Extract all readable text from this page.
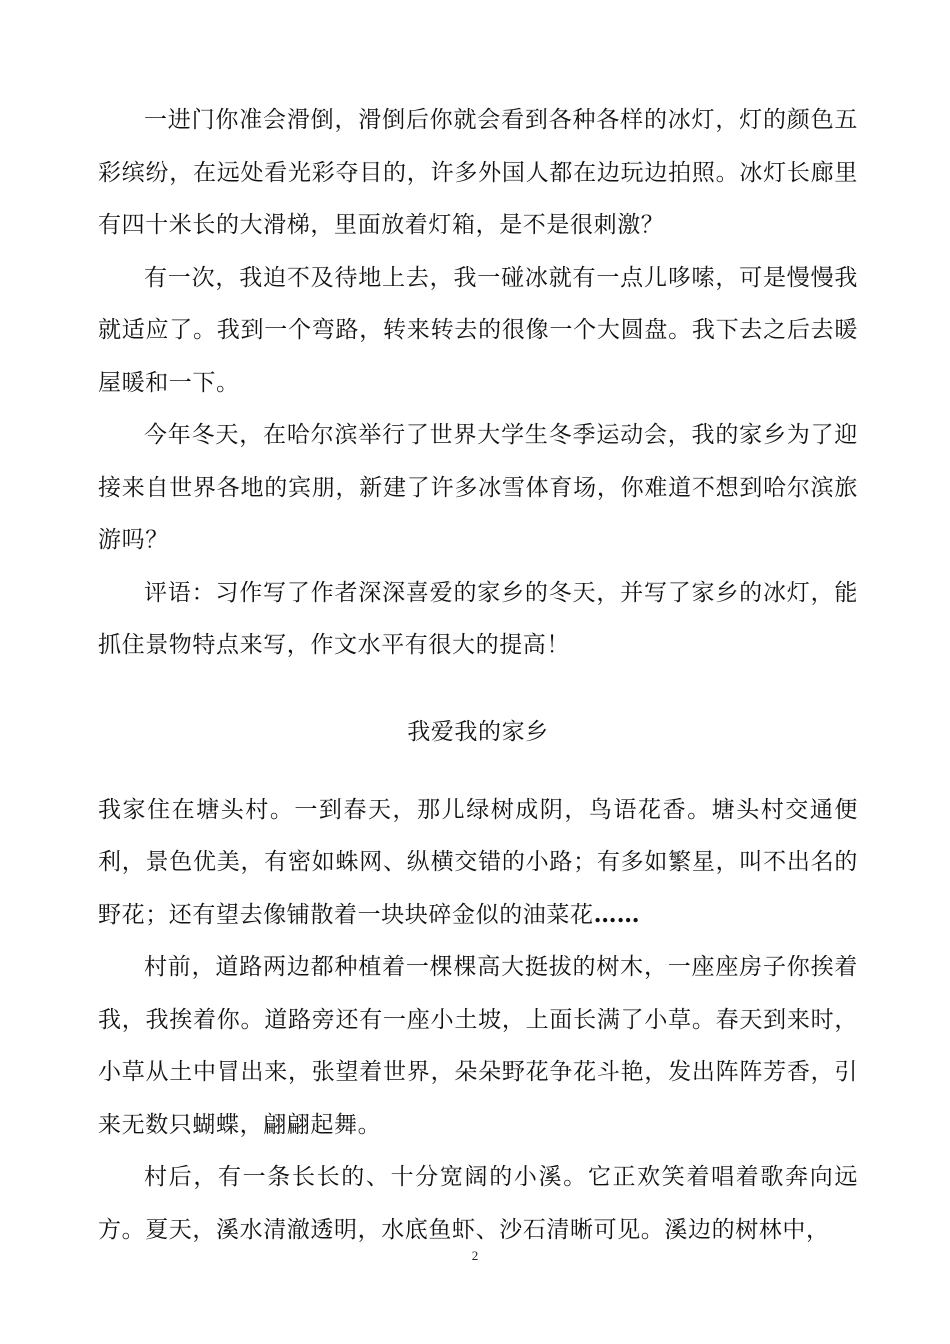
一进门你准会滑倒，滑倒后你就会看到各种各样的冰灯，灯的颜色五彩缤纷，在远处看光彩夺目的，许多外国人都在边玩边拍照。冰灯长廊里有四十米长的大滑梯，里面放着灯箱，是不是很刺激？

有一次，我迫不及待地上去，我一碰冰就有一点儿哆嗦，可是慢慢我就适应了。我到一个弯路，转来转去的很像一个大圆盘。我下去之后去暖屋暖和一下。

今年冬天，在哈尔滨举行了世界大学生冬季运动会，我的家乡为了迎接来自世界各地的宾朋，新建了许多冰雪体育场，你难道不想到哈尔滨旅游吗？

评语：习作写了作者深深喜爱的家乡的冬天，并写了家乡的冰灯，能抓住景物特点来写，作文水平有很大的提高！

我爱我的家乡

我家住在塘头村。一到春天，那儿绿树成阴，鸟语花香。塘头村交通便利，景色优美，有密如蛛网、纵横交错的小路；有多如繁星，叫不出名的野花；还有望去像铺散着一块块碎金似的油菜花……

村前，道路两边都种植着一棵棵高大挺拔的树木，一座座房子你挨着我，我挨着你。道路旁还有一座小土坡，上面长满了小草。春天到来时，小草从土中冒出来，张望着世界，朵朵野花争花斗艳，发出阵阵芳香，引来无数只蝴蝶，翩翩起舞。

村后，有一条长长的、十分宽阔的小溪。它正欢笑着唱着歌奔向远方。夏天，溪水清澈透明，水底鱼虾、沙石清晰可见。溪边的树林中，

2
